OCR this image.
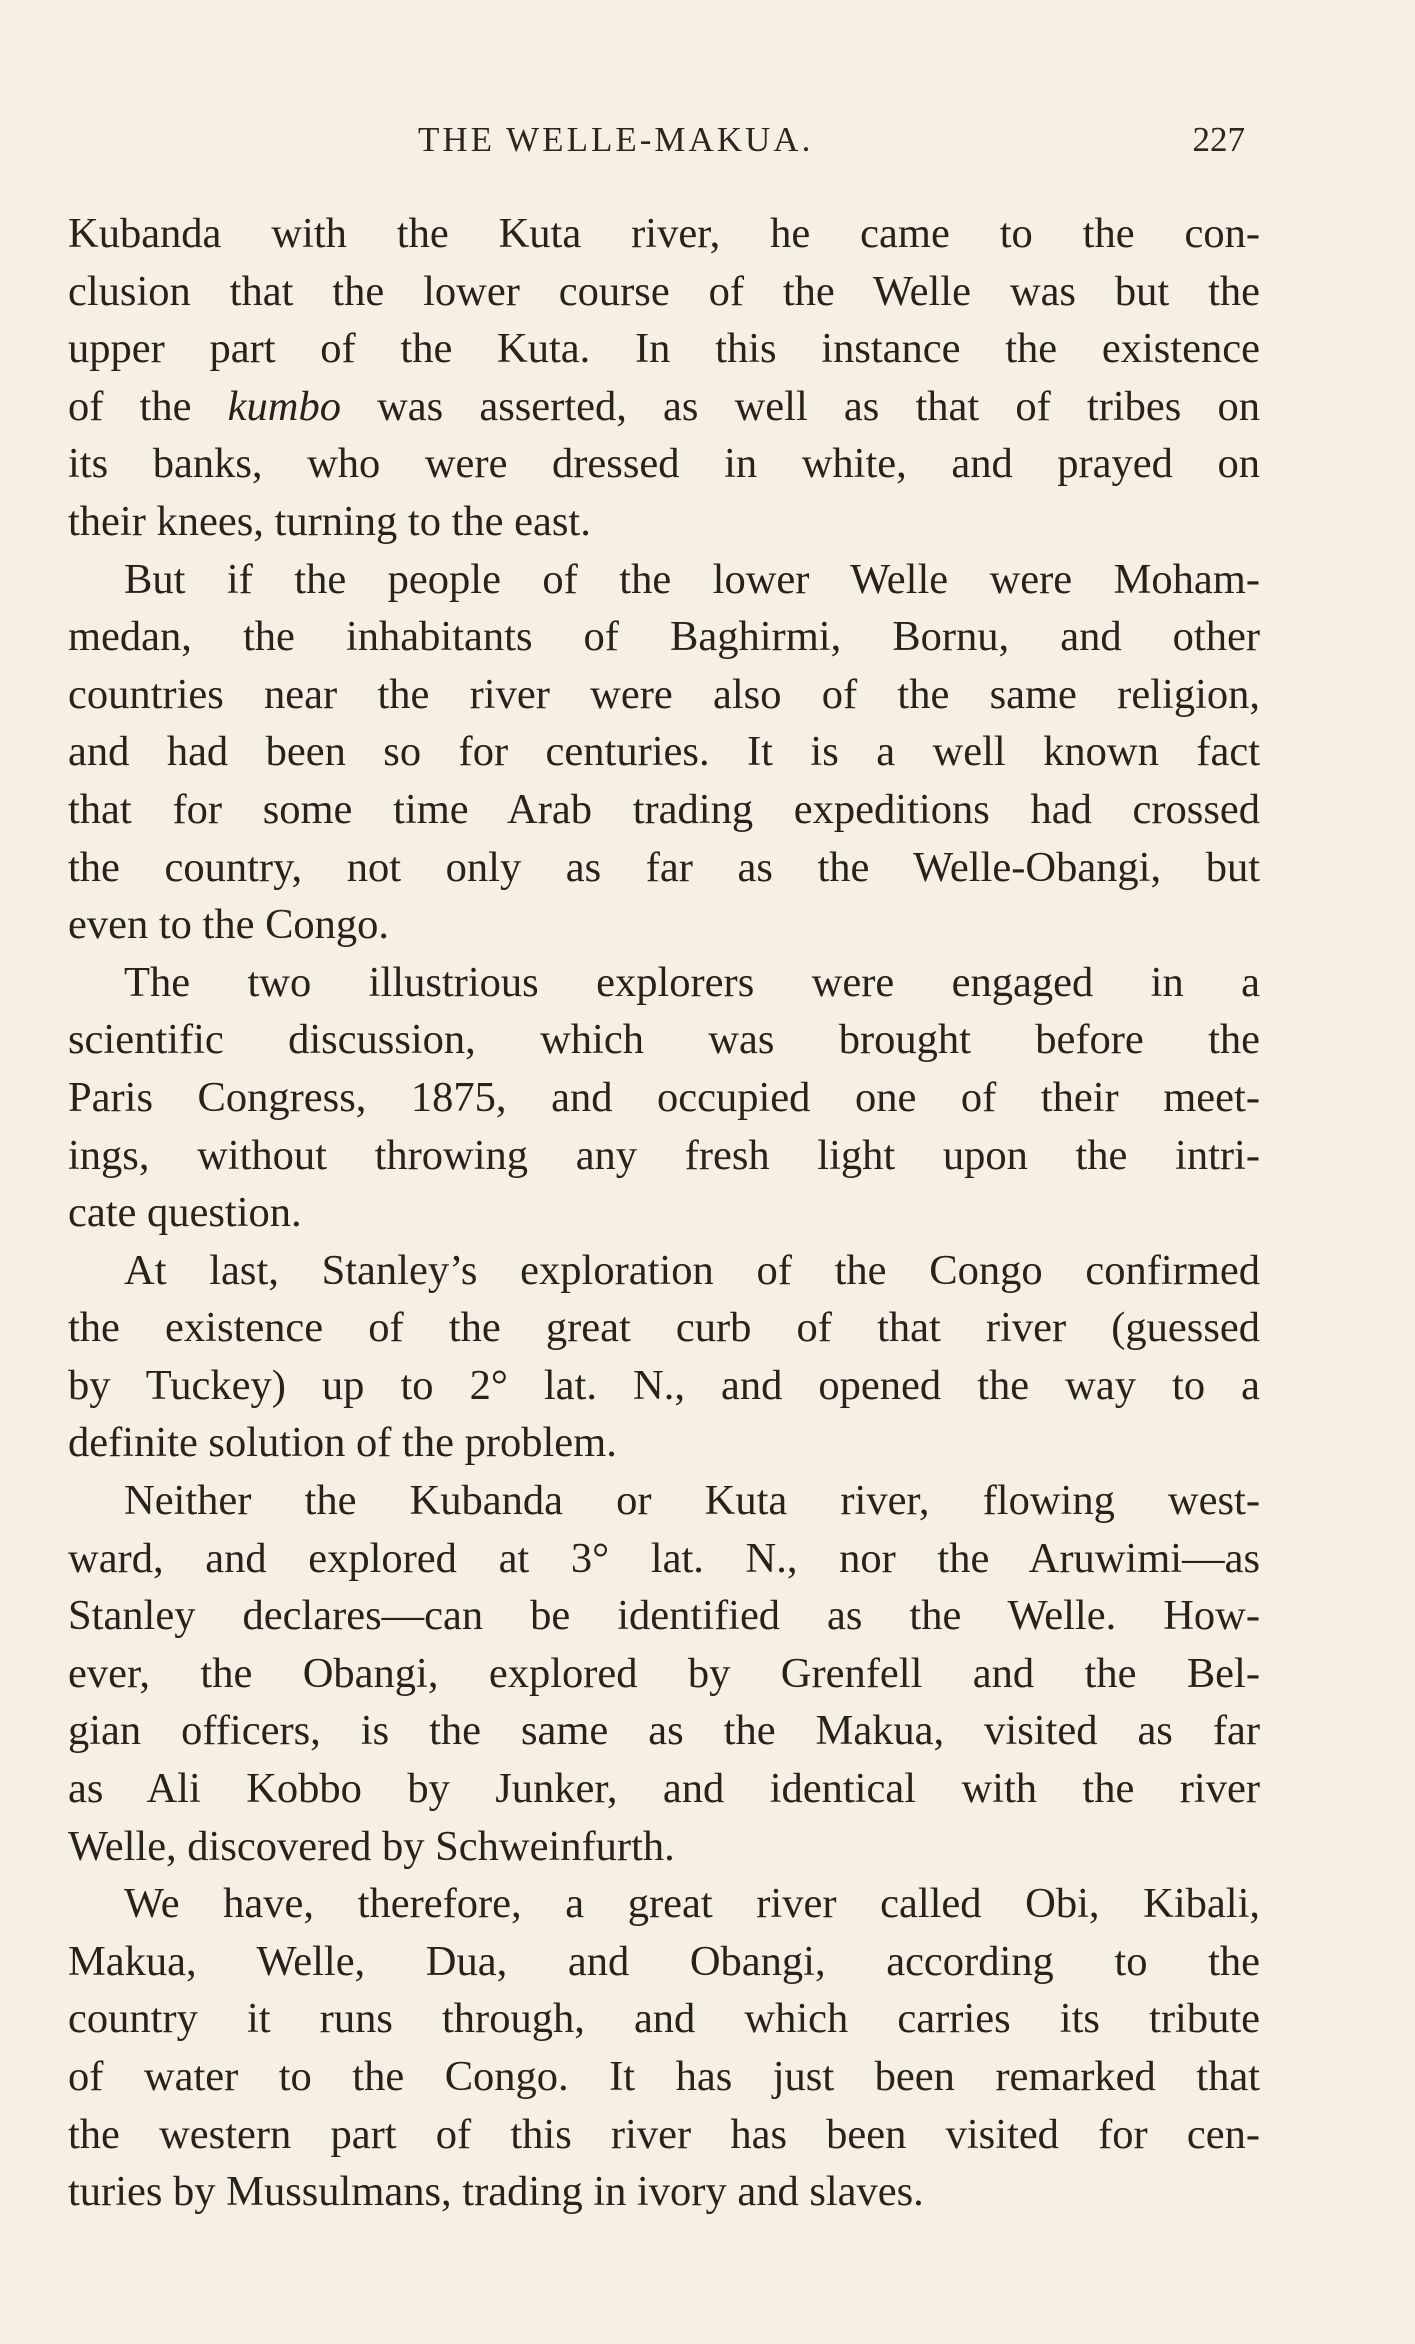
THE WELLE-MAKUA.	227
Kubanda with the Kuta river, he came to the con-
clusion that the lower course of the Welle was but the
upper part of the Kuta. In this instance the existence
of the kumbo was asserted, as well as that of tribes on
its banks, who were dressed in white, and prayed on
their knees, turning to the east.
But if the people of the lower Welle were Moham-
medan, the inhabitants of Baghirmi, Bornu, and other
countries near the river were also of the same religion,
and had been so for centuries. It is a well known fact
that for some time Arab trading expeditions had crossed
the country, not only as far as the Welle-Obangi, but
even to the Congo.
The two illustrious explorers were engaged in a
scientific discussion, which was brought before the
Paris Congress, 1875, and occupied one of their meet-
ings, without throwing any fresh light upon the intri-
cate question.
At last, Stanley’s exploration of the Congo confirmed
the existence of the great curb of that river (guessed
by Tuckey) up to 2° lat. N., and opened the way to a
definite solution of the problem.
Neither the Kubanda or Kuta river, flowing west-
ward, and explored at 3° lat. N., nor the Aruwimi—as
Stanley declares—can be identified as the Welle. How-
ever, the Obangi, explored by Grenfell and the Bel-
gian officers, is the same as the Makua, visited as far
as Ali Kobbo by Junker, and identical with the river
Welle, discovered by Schweinfurth.
We have, therefore, a great river called Obi, Kibali,
Makua, Welle, Dua, and Obangi, according to the
country it runs through, and which carries its tribute
of water to the Congo. It has just been remarked that
the western part of this river has been visited for cen-
turies by Mussulmans, trading in ivory and slaves.
